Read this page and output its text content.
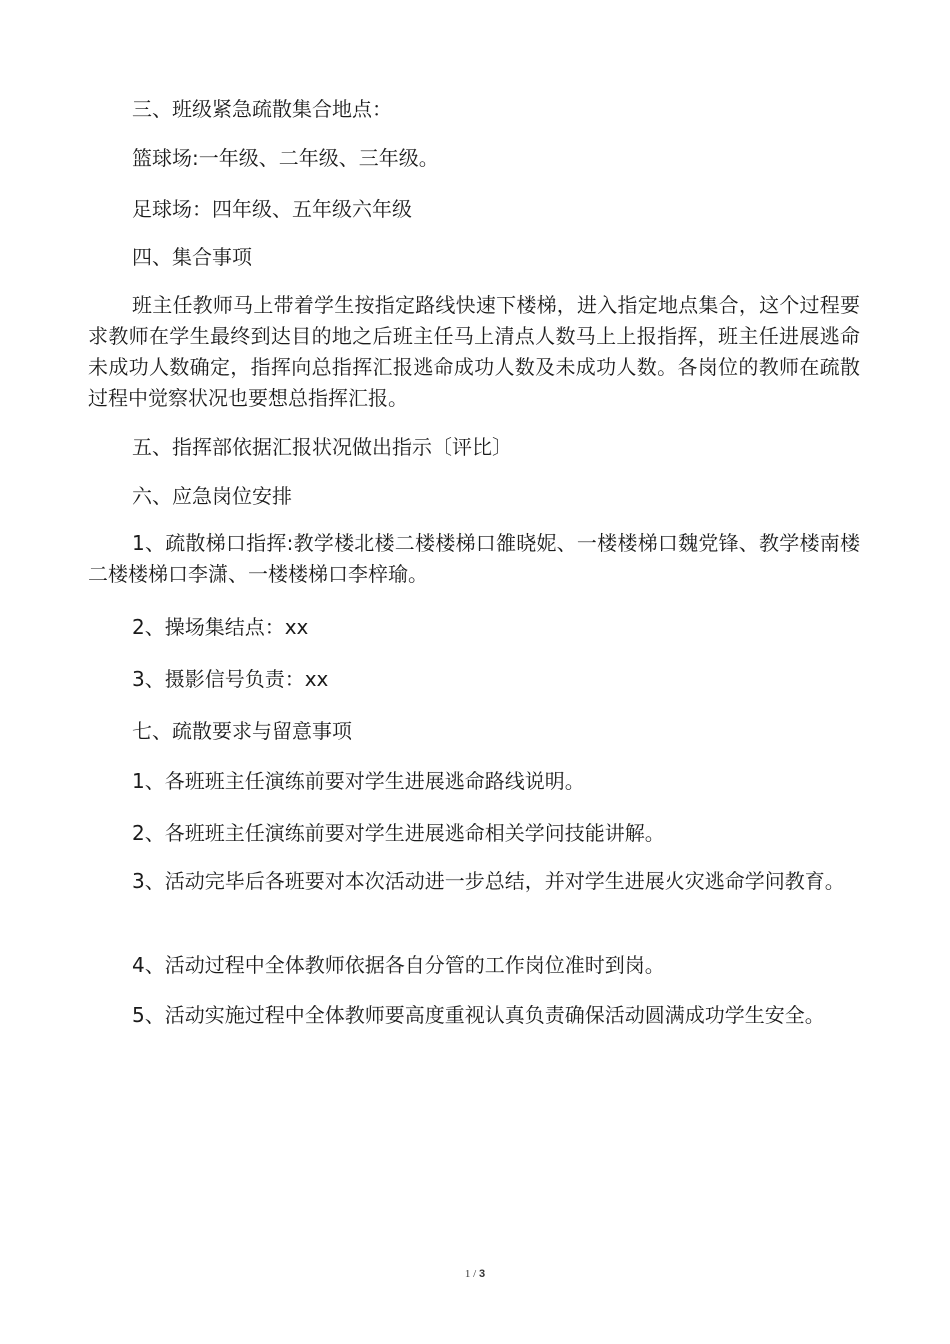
三、班级紧急疏散集合地点：

篮球场:一年级、二年级、三年级。

足球场：四年级、五年级六年级

四、集合事项

班主任教师马上带着学生按指定路线快速下楼梯，进入指定地点集合，这个过程要求教师在学生最终到达目的地之后班主任马上清点人数马上上报指挥，班主任进展逃命未成功人数确定，指挥向总指挥汇报逃命成功人数及未成功人数。各岗位的教师在疏散过程中觉察状况也要想总指挥汇报。

五、指挥部依据汇报状况做出指示〔评比〕

六、应急岗位安排

1、疏散梯口指挥:教学楼北楼二楼楼梯口雒晓妮、一楼楼梯口魏党锋、教学楼南楼二楼楼梯口李潇、一楼楼梯口李梓瑜。

2、操场集结点：xx

3、摄影信号负责：xx

七、疏散要求与留意事项

1、各班班主任演练前要对学生进展逃命路线说明。

2、各班班主任演练前要对学生进展逃命相关学问技能讲解。

3、活动完毕后各班要对本次活动进一步总结，并对学生进展火灾逃命学问教育。

4、活动过程中全体教师依据各自分管的工作岗位准时到岗。

5、活动实施过程中全体教师要高度重视认真负责确保活动圆满成功学生安全。

1 / 3
